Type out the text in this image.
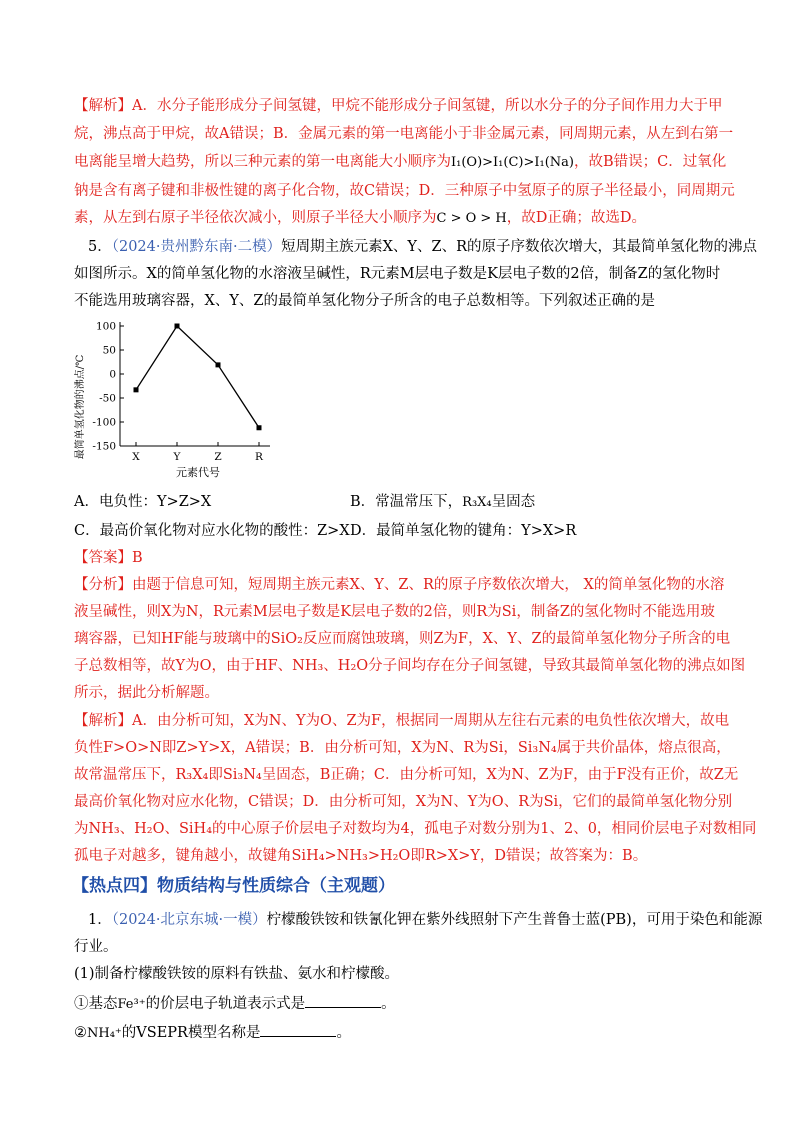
【解析】A．水分子能形成分子间氢键，甲烷不能形成分子间氢键，所以水分子的分子间作用力大于甲
烷，沸点高于甲烷，故A错误；B．金属元素的第一电离能小于非金属元素，同周期元素，从左到右第一
电离能呈增大趋势，所以三种元素的第一电离能大小顺序为I₁(O)>I₁(C)>I₁(Na)，故B错误；C．过氧化
钠是含有离子键和非极性键的离子化合物，故C错误；D．三种原子中氢原子的原子半径最小，同周期元
素，从左到右原子半径依次减小，则原子半径大小顺序为C > O > H，故D正确；故选D。
5．（2024·贵州黔东南·二模）短周期主族元素X、Y、Z、R的原子序数依次增大，其最简单氢化物的沸点
如图所示。X的简单氢化物的水溶液呈碱性，R元素M层电子数是K层电子数的2倍，制备Z的氢化物时
不能选用玻璃容器，X、Y、Z的最简单氢化物分子所含的电子总数相等。下列叙述正确的是
最简单氢化物的沸点/℃
100
50
0
-50
-100
-150
X	Y	Z	R
元素代号
A．电负性：Y>Z>X	B．常温常压下，R₃X₄呈固态
C．最高价氧化物对应水化物的酸性：Z>X D．最简单氢化物的键角：Y>X>R
【答案】B
【分析】由题于信息可知，短周期主族元素X、Y、Z、R的原子序数依次增大， X的简单氢化物的水溶
液呈碱性，则X为N，R元素M层电子数是K层电子数的2倍，则R为Si，制备Z的氢化物时不能选用玻
璃容器，已知HF能与玻璃中的SiO₂反应而腐蚀玻璃，则Z为F，X、Y、Z的最简单氢化物分子所含的电
子总数相等，故Y为O，由于HF、NH₃、H₂O分子间均存在分子间氢键，导致其最简单氢化物的沸点如图
所示，据此分析解题。
【解析】A．由分析可知，X为N、Y为O、Z为F，根据同一周期从左往右元素的电负性依次增大，故电
负性F>O>N即Z>Y>X，A错误；B．由分析可知，X为N、R为Si，Si₃N₄属于共价晶体，熔点很高，
故常温常压下，R₃X₄即Si₃N₄呈固态，B正确；C．由分析可知，X为N、Z为F，由于F没有正价，故Z无
最高价氧化物对应水化物，C错误；D．由分析可知，X为N、Y为O、R为Si，它们的最简单氢化物分别
为NH₃、H₂O、SiH₄的中心原子价层电子对数均为4，孤电子对数分别为1、2、0，相同价层电子对数相同
孤电子对越多，键角越小，故键角SiH₄>NH₃>H₂O即R>X>Y，D错误；故答案为：B。
【热点四】物质结构与性质综合（主观题）
1．（2024·北京东城·一模）柠檬酸铁铵和铁氰化钾在紫外线照射下产生普鲁士蓝(PB)，可用于染色和能源
行业。
(1)制备柠檬酸铁铵的原料有铁盐、氨水和柠檬酸。
①基态Fe³⁺的价层电子轨道表示式是	。
②NH₄⁺的VSEPR模型名称是	。
